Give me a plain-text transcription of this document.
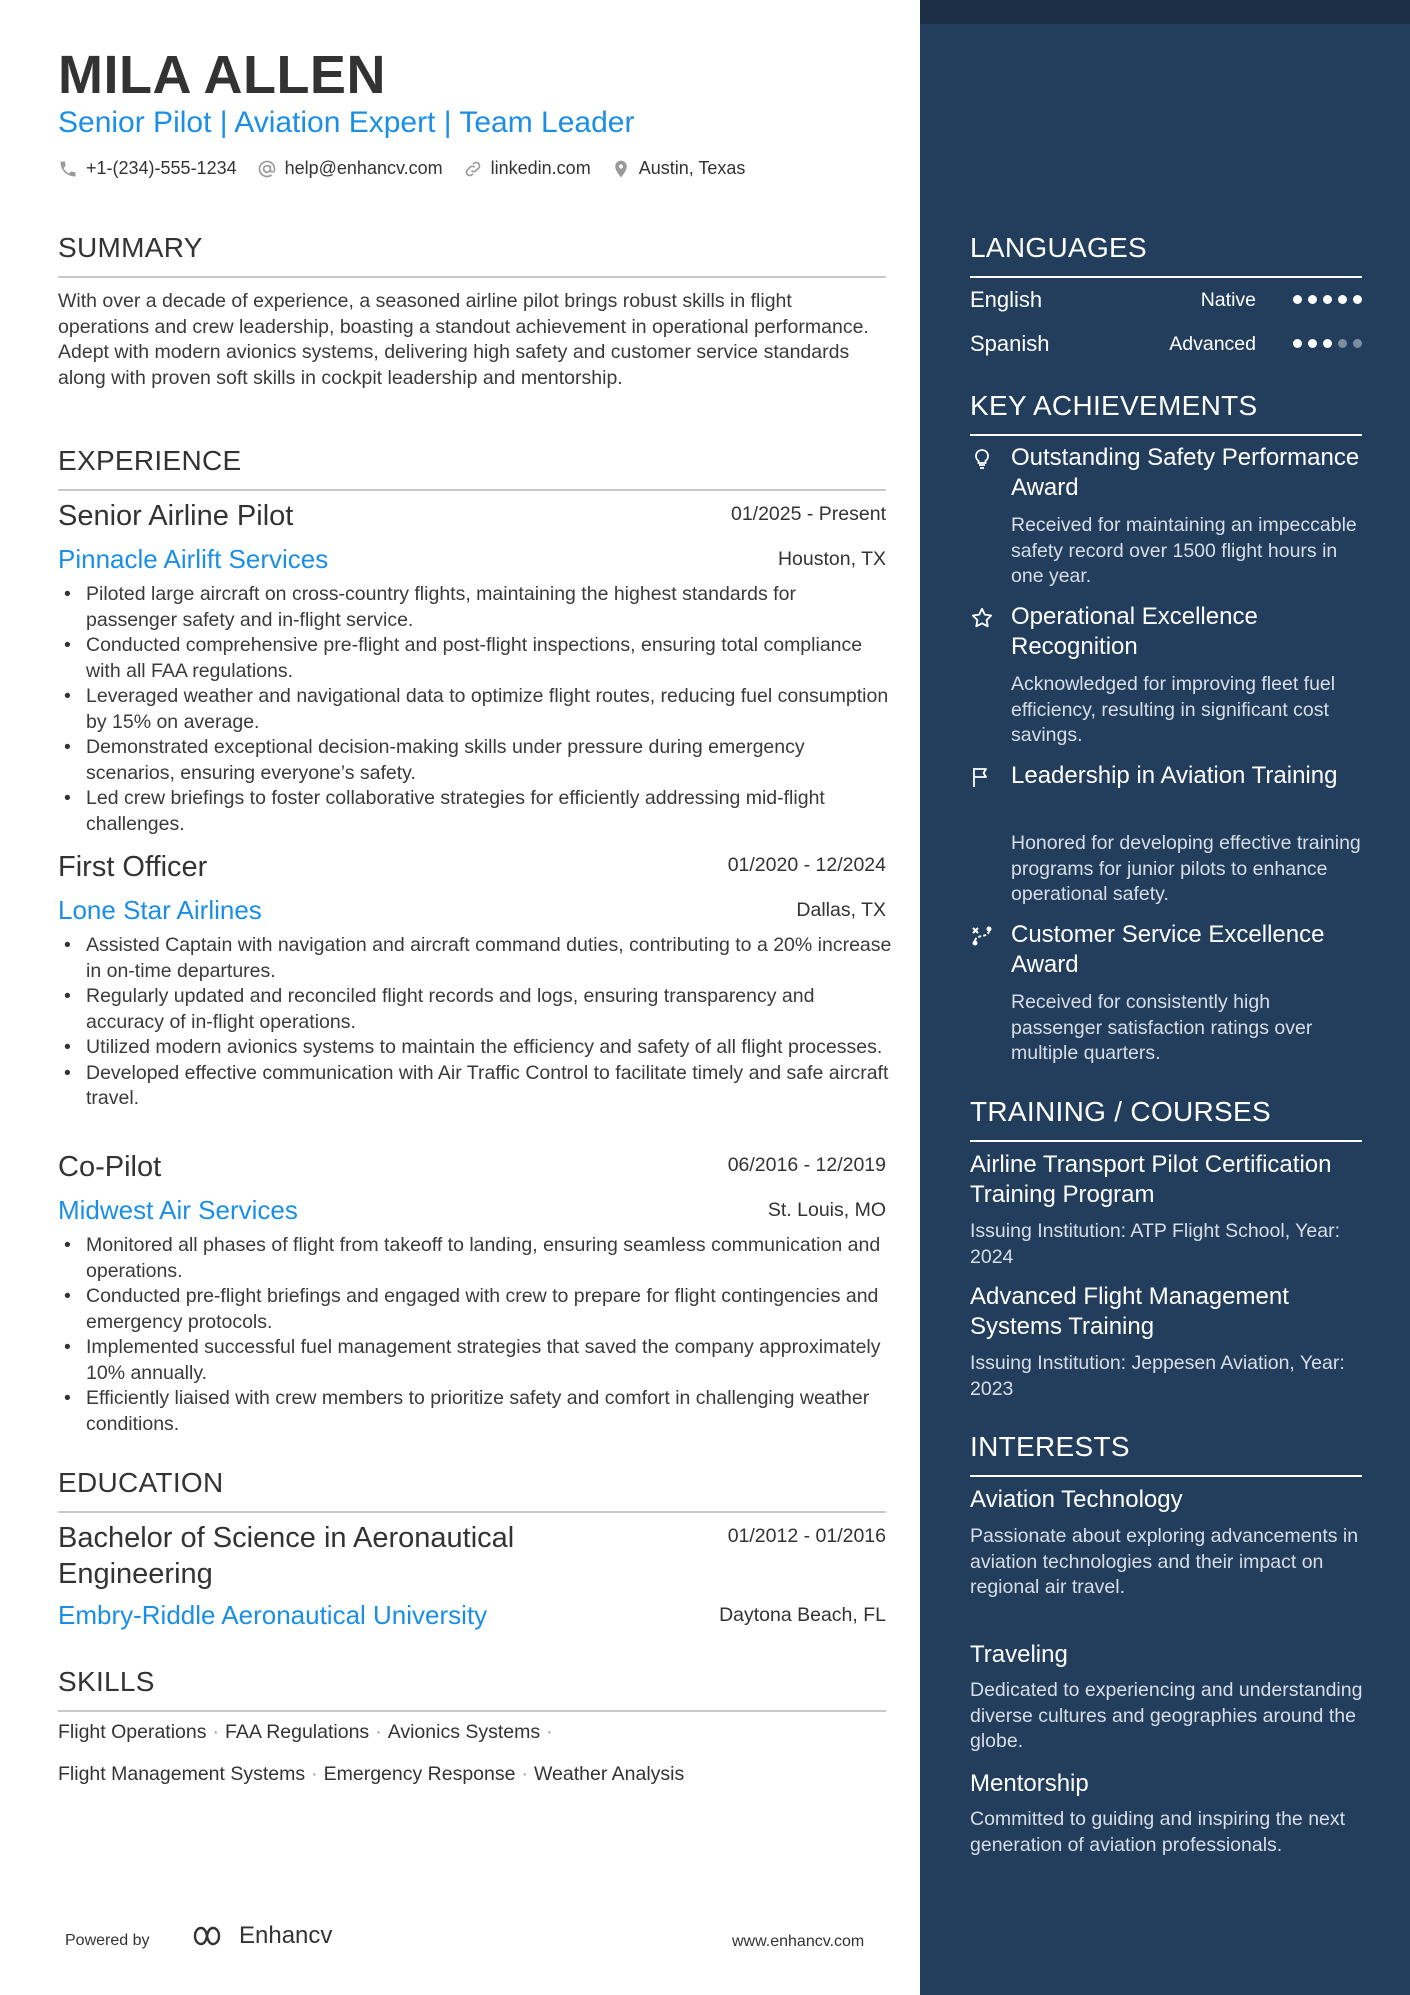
MILA ALLEN
Senior Pilot | Aviation Expert | Team Leader
+1-(234)-555-1234	help@enhancv.com	linkedin.com	Austin, Texas
SUMMARY
With over a decade of experience, a seasoned airline pilot brings robust skills in flight operations and crew leadership, boasting a standout achievement in operational performance. Adept with modern avionics systems, delivering high safety and customer service standards along with proven soft skills in cockpit leadership and mentorship.
EXPERIENCE
Senior Airline Pilot	01/2025 - Present
Pinnacle Airlift Services	Houston, TX
• Piloted large aircraft on cross-country flights, maintaining the highest standards for passenger safety and in-flight service.
• Conducted comprehensive pre-flight and post-flight inspections, ensuring total compliance with all FAA regulations.
• Leveraged weather and navigational data to optimize flight routes, reducing fuel consumption by 15% on average.
• Demonstrated exceptional decision-making skills under pressure during emergency scenarios, ensuring everyone’s safety.
• Led crew briefings to foster collaborative strategies for efficiently addressing mid-flight challenges.
First Officer	01/2020 - 12/2024
Lone Star Airlines	Dallas, TX
• Assisted Captain with navigation and aircraft command duties, contributing to a 20% increase in on-time departures.
• Regularly updated and reconciled flight records and logs, ensuring transparency and accuracy of in-flight operations.
• Utilized modern avionics systems to maintain the efficiency and safety of all flight processes.
• Developed effective communication with Air Traffic Control to facilitate timely and safe aircraft travel.
Co-Pilot	06/2016 - 12/2019
Midwest Air Services	St. Louis, MO
• Monitored all phases of flight from takeoff to landing, ensuring seamless communication and operations.
• Conducted pre-flight briefings and engaged with crew to prepare for flight contingencies and emergency protocols.
• Implemented successful fuel management strategies that saved the company approximately 10% annually.
• Efficiently liaised with crew members to prioritize safety and comfort in challenging weather conditions.
EDUCATION
Bachelor of Science in Aeronautical Engineering
01/2012 - 01/2016
Embry-Riddle Aeronautical University	Daytona Beach, FL
SKILLS
Flight Operations · FAA Regulations · Avionics Systems ·
Flight Management Systems · Emergency Response · Weather Analysis
Powered by	Enhancv	www.enhancv.com
LANGUAGES
English	Native
Spanish	Advanced
KEY ACHIEVEMENTS
Outstanding Safety Performance Award
Received for maintaining an impeccable safety record over 1500 flight hours in one year.
Operational Excellence Recognition
Acknowledged for improving fleet fuel efficiency, resulting in significant cost savings.
Leadership in Aviation Training
Honored for developing effective training programs for junior pilots to enhance operational safety.
Customer Service Excellence Award
Received for consistently high passenger satisfaction ratings over multiple quarters.
TRAINING / COURSES
Airline Transport Pilot Certification Training Program
Issuing Institution: ATP Flight School, Year: 2024
Advanced Flight Management Systems Training
Issuing Institution: Jeppesen Aviation, Year: 2023
INTERESTS
Aviation Technology
Passionate about exploring advancements in aviation technologies and their impact on regional air travel.
Traveling
Dedicated to experiencing and understanding diverse cultures and geographies around the globe.
Mentorship
Committed to guiding and inspiring the next generation of aviation professionals.
